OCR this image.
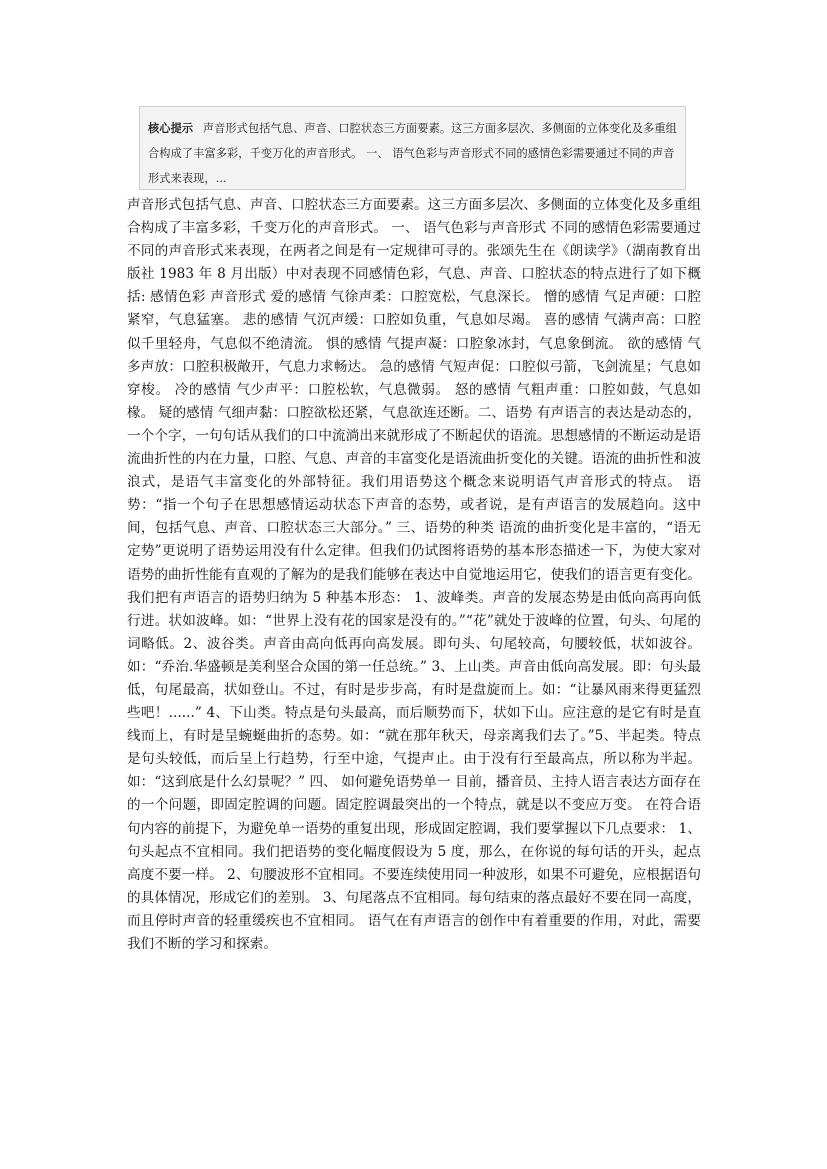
核心提示 声音形式包括气息、声音、口腔状态三方面要素。这三方面多层次、多侧面的立体变化及多重组合构成了丰富多彩，千变万化的声音形式。 一、 语气色彩与声音形式不同的感情色彩需要通过不同的声音形式来表现，...
声音形式包括气息、声音、口腔状态三方面要素。这三方面多层次、多侧面的立体变化及多重组合构成了丰富多彩，千变万化的声音形式。 一、 语气色彩与声音形式 不同的感情色彩需要通过不同的声音形式来表现，在两者之间是有一定规律可寻的。张颂先生在《朗读学》（湖南教育出版社 1983 年 8 月出版）中对表现不同感情色彩，气息、声音、口腔状态的特点进行了如下概括: 感情色彩 声音形式 爱的感情 气徐声柔：口腔宽松，气息深长。 憎的感情 气足声硬：口腔紧窄，气息猛塞。 悲的感情 气沉声缓：口腔如负重，气息如尽竭。 喜的感情 气满声高：口腔似千里轻舟，气息似不绝清流。 惧的感情 气提声凝：口腔象冰封，气息象倒流。 欲的感情 气多声放：口腔积极敞开，气息力求畅达。 急的感情 气短声促：口腔似弓箭，飞剑流星；气息如穿梭。 冷的感情 气少声平：口腔松软，气息微弱。 怒的感情 气粗声重：口腔如鼓，气息如椽。 疑的感情 气细声黏：口腔欲松还紧，气息欲连还断。二、语势 有声语言的表达是动态的，一个个字，一句句话从我们的口中流淌出来就形成了不断起伏的语流。思想感情的不断运动是语流曲折性的内在力量，口腔、气息、声音的丰富变化是语流曲折变化的关键。语流的曲折性和波浪式，是语气丰富变化的外部特征。我们用语势这个概念来说明语气声音形式的特点。 语势：“指一个句子在思想感情运动状态下声音的态势，或者说，是有声语言的发展趋向。这中间，包括气息、声音、口腔状态三大部分。” 三、语势的种类 语流的曲折变化是丰富的，“语无定势”更说明了语势运用没有什么定律。但我们仍试图将语势的基本形态描述一下，为使大家对语势的曲折性能有直观的了解为的是我们能够在表达中自觉地运用它，使我们的语言更有变化。 我们把有声语言的语势归纳为 5 种基本形态： 1、波峰类。声音的发展态势是由低向高再向低行进。状如波峰。如：“世界上没有花的国家是没有的。”“花”就处于波峰的位置，句头、句尾的词略低。2、波谷类。声音由高向低再向高发展。即句头、句尾较高，句腰较低，状如波谷。如：“乔治.华盛顿是美利坚合众国的第一任总统。” 3、上山类。声音由低向高发展。即：句头最低，句尾最高，状如登山。不过，有时是步步高，有时是盘旋而上。如：“让暴风雨来得更猛烈些吧！......” 4、下山类。特点是句头最高，而后顺势而下，状如下山。应注意的是它有时是直线而上，有时是呈蜿蜒曲折的态势。如：“就在那年秋天，母亲离我们去了。”5、半起类。特点是句头较低，而后呈上行趋势，行至中途，气提声止。由于没有行至最高点，所以称为半起。如：“这到底是什么幻景呢？” 四、 如何避免语势单一 目前，播音员、主持人语言表达方面存在的一个问题，即固定腔调的问题。固定腔调最突出的一个特点，就是以不变应万变。 在符合语句内容的前提下，为避免单一语势的重复出现，形成固定腔调，我们要掌握以下几点要求： 1、句头起点不宜相同。我们把语势的变化幅度假设为 5 度，那么，在你说的每句话的开头，起点高度不要一样。 2、句腰波形不宜相同。不要连续使用同一种波形，如果不可避免，应根据语句的具体情况，形成它们的差别。 3、句尾落点不宜相同。每句结束的落点最好不要在同一高度，而且停时声音的轻重缓疾也不宜相同。 语气在有声语言的创作中有着重要的作用，对此，需要我们不断的学习和探索。
